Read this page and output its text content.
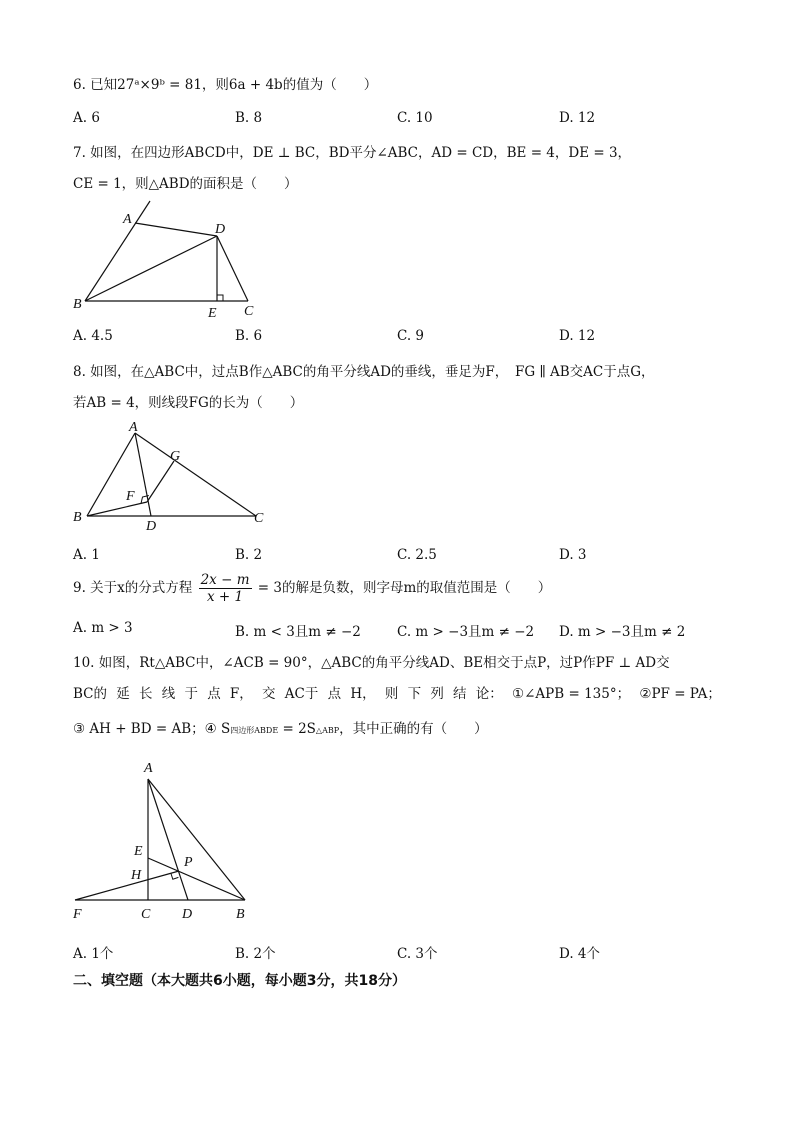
6. 已知27ᵃ×9ᵇ = 81，则6a + 4b的值为（　　）
A. 6	B. 8	C. 10	D. 12
7. 如图，在四边形ABCD中，DE ⊥ BC，BD平分∠ABC，AD = CD，BE = 4，DE = 3，
CE = 1，则△ABD的面积是（　　）
A
D
B
E C
A. 4.5	B. 6	C. 9	D. 12
8. 如图，在△ABC中，过点B作△ABC的角平分线AD的垂线，垂足为F，　FG ∥ AB交AC于点G，
若AB = 4，则线段FG的长为（　　）
A
G
F
B
D
C
A. 1	B. 2	C. 2.5	D. 3
9. 关于x的分式方程 $\frac{2x - m}{x + 1} = 3$的解是负数，则字母m的取值范围是（　　）
A. m > 3	B. m < 3且m ≠ −2	C. m > −3且m ≠ −2 D. m > −3且m ≠ 2
10. 如图，Rt△ABC中，∠ACB = 90°，△ABC的角平分线AD、BE相交于点P，过P作PF ⊥ AD交
BC的 延 长 线 于 点 F， 交 AC于 点 H， 则 下 列 结 论： ①∠APB = 135°； ②PF = PA；
③ AH + BD = AB；④ S四边形ABDE = 2S△ABP，其中正确的有（　　）
A
E
H
P
F	C D	B
A. 1个	B. 2个	C. 3个	D. 4个
二、填空题（本大题共6小题，每小题3分，共18分）
